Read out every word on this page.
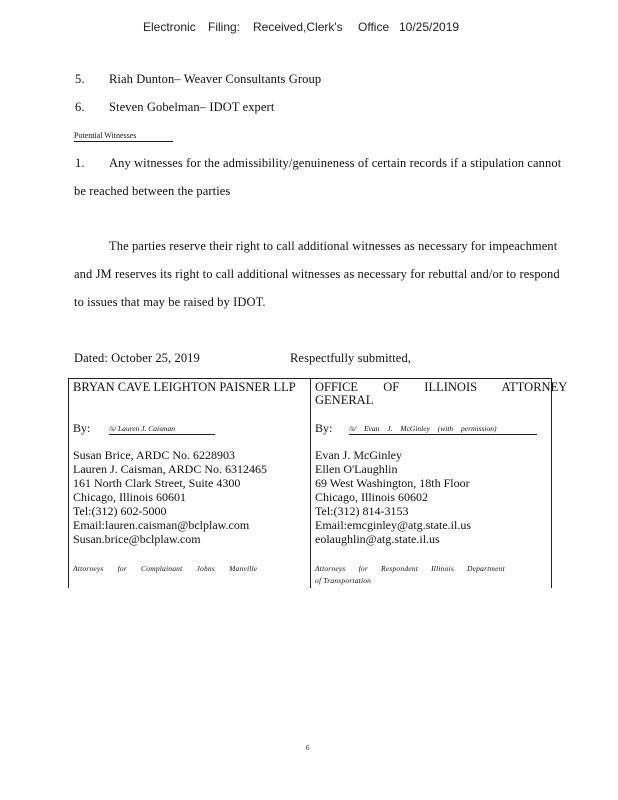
Electronic Filing: Received,Clerk's Office 10/25/2019
5. Riah Dunton– Weaver Consultants Group
6. Steven Gobelman– IDOT expert
Potential Witnesses
1. Any witnesses for the admissibility/genuineness of certain records if a stipulation cannot
be reached between the parties
The parties reserve their right to call additional witnesses as necessary for impeachment
and JM reserves its right to call additional witnesses as necessary for rebuttal and/or to respond
to issues that may be raised by IDOT.
Dated: October 25, 2019	Respectfully submitted,
BRYAN CAVE LEIGHTON PAISNER LLP
By: /s/ Lauren J. Caisman
Susan Brice, ARDC No. 6228903
Lauren J. Caisman, ARDC No. 6312465
161 North Clark Street, Suite 4300
Chicago, Illinois 60601
Tel:(312) 602-5000
Email:lauren.caisman@bclplaw.com
Susan.brice@bclplaw.com
Attorneys for Complainant Johns Manville
OFFICE OF ILLINOIS ATTORNEY
GENERAL
By: /s/ Evan J. McGinley (with permission)
Evan J. McGinley
Ellen O'Laughlin
69 West Washington, 18th Floor
Chicago, Illinois 60602
Tel:(312) 814-3153
Email:emcginley@atg.state.il.us
eolaughlin@atg.state.il.us
Attorneys for Respondent Illinois Department
of Transportation
6
